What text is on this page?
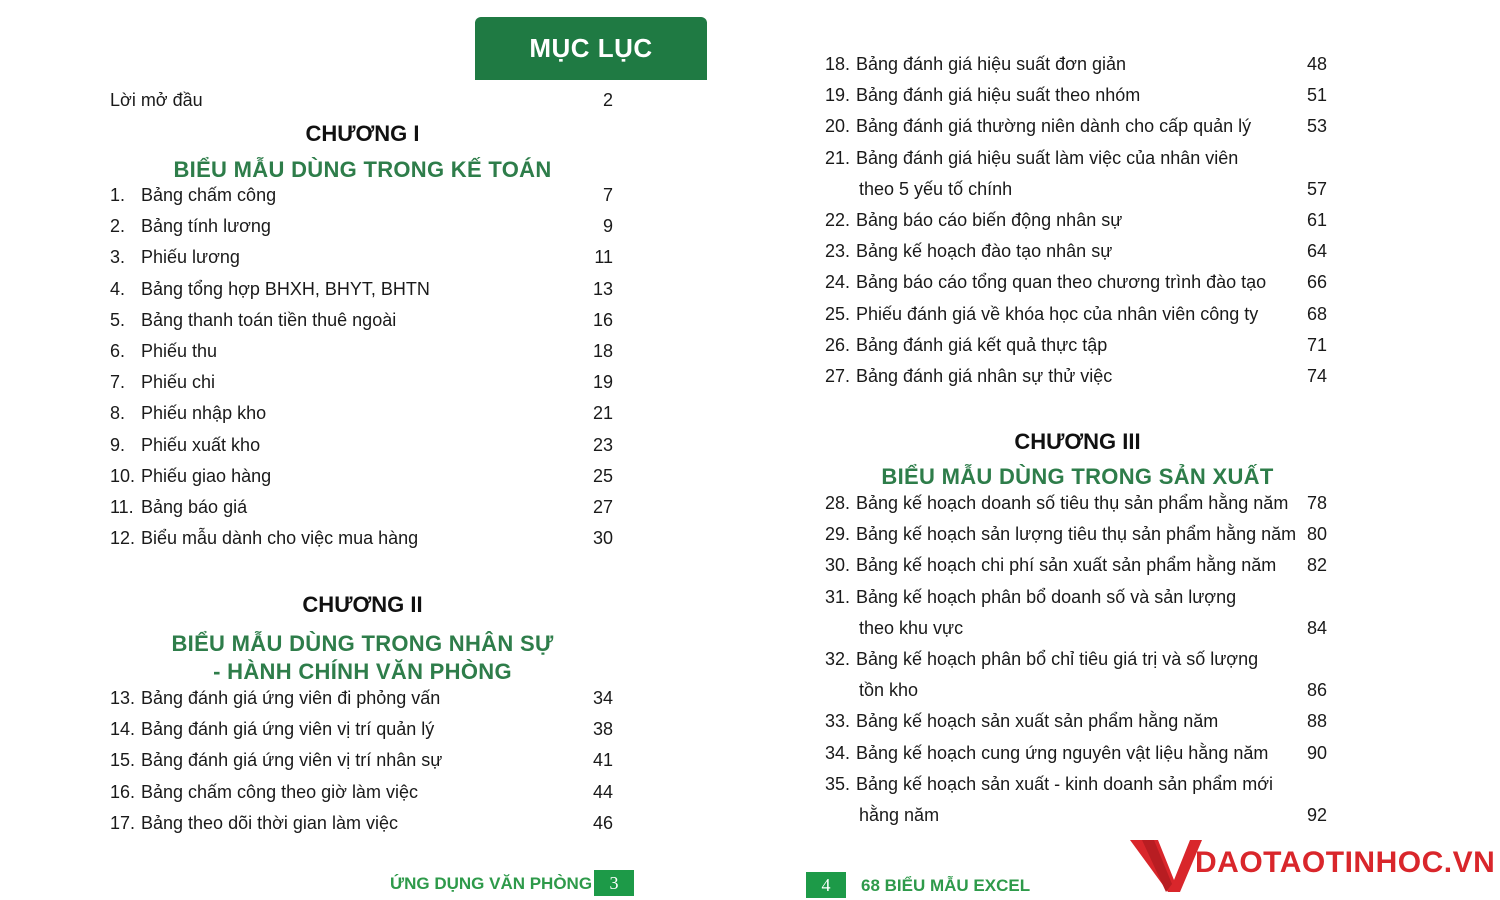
MỤC LỤC
Lời mở đầu	2
CHƯƠNG I
BIỂU MẪU DÙNG TRONG KẾ TOÁN
1. Bảng chấm công	7
2. Bảng tính lương	9
3. Phiếu lương	11
4. Bảng tổng hợp BHXH, BHYT, BHTN	13
5. Bảng thanh toán tiền thuê ngoài	16
6. Phiếu thu	18
7. Phiếu chi	19
8. Phiếu nhập kho	21
9. Phiếu xuất kho	23
10. Phiếu giao hàng	25
11. Bảng báo giá	27
12. Biểu mẫu dành cho việc mua hàng	30
CHƯƠNG II
BIỂU MẪU DÙNG TRONG NHÂN SỰ
- HÀNH CHÍNH VĂN PHÒNG
13. Bảng đánh giá ứng viên đi phỏng vấn	34
14. Bảng đánh giá ứng viên vị trí quản lý	38
15. Bảng đánh giá ứng viên vị trí nhân sự	41
16. Bảng chấm công theo giờ làm việc	44
17. Bảng theo dõi thời gian làm việc	46
ỨNG DỤNG VĂN PHÒNG 3
18. Bảng đánh giá hiệu suất đơn giản	48
19. Bảng đánh giá hiệu suất theo nhóm	51
20. Bảng đánh giá thường niên dành cho cấp quản lý	53
21. Bảng đánh giá hiệu suất làm việc của nhân viên
theo 5 yếu tố chính	57
22. Bảng báo cáo biến động nhân sự	61
23. Bảng kế hoạch đào tạo nhân sự	64
24. Bảng báo cáo tổng quan theo chương trình đào tạo	66
25. Phiếu đánh giá về khóa học của nhân viên công ty	68
26. Bảng đánh giá kết quả thực tập	71
27. Bảng đánh giá nhân sự thử việc	74
CHƯƠNG III
BIỂU MẪU DÙNG TRONG SẢN XUẤT
28. Bảng kế hoạch doanh số tiêu thụ sản phẩm hằng năm	78
29. Bảng kế hoạch sản lượng tiêu thụ sản phẩm hằng năm 80
30. Bảng kế hoạch chi phí sản xuất sản phẩm hằng năm	82
31. Bảng kế hoạch phân bổ doanh số và sản lượng
theo khu vực	84
32. Bảng kế hoạch phân bổ chỉ tiêu giá trị và số lượng
tồn kho	86
33. Bảng kế hoạch sản xuất sản phẩm hằng năm	88
34. Bảng kế hoạch cung ứng nguyên vật liệu hằng năm	90
35. Bảng kế hoạch sản xuất - kinh doanh sản phẩm mới
hằng năm	92
4	68 BIỂU MẪU EXCEL
DAOTAOTINHOC.VN
